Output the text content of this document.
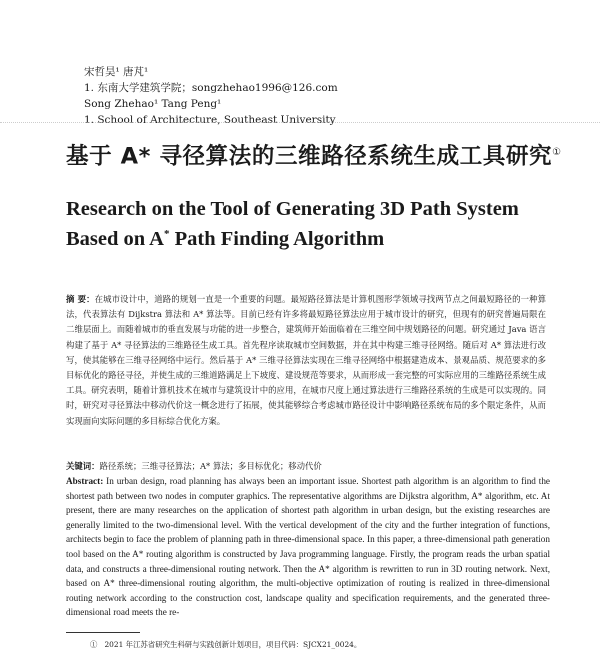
宋哲昊¹ 唐芃¹
1. 东南大学建筑学院；songzhehao1996@126.com
Song Zhehao¹ Tang Peng¹
1. School of Architecture, Southeast University
基于 A* 寻径算法的三维路径系统生成工具研究①
Research on the Tool of Generating 3D Path System
Based on A* Path Finding Algorithm
摘 要：在城市设计中，道路的规划一直是一个重要的问题。最短路径算法是计算机图形学领域寻找两节点之间最短路径的一种算法，代表算法有 Dijkstra 算法和 A* 算法等。目前已经有许多将最短路径算法应用于城市设计的研究，但现有的研究普遍局限在二维层面上。而随着城市的垂直发展与功能的进一步整合，建筑师开始面临着在三维空间中规划路径的问题。研究通过 Java 语言构建了基于 A* 寻径算法的三维路径生成工具。首先程序读取城市空间数据，并在其中构建三维寻径网络。随后对 A* 算法进行改写，使其能够在三维寻径网络中运行。然后基于 A* 三维寻径算法实现在三维寻径网络中根据建造成本、景观品质、规范要求的多目标优化的路径寻径，并使生成的三维道路满足上下坡度、建设规范等要求，从而形成一套完整的可实际应用的三维路径系统生成工具。研究表明，随着计算机技术在城市与建筑设计中的应用，在城市尺度上通过算法进行三维路径系统的生成是可以实现的。同时，研究对寻径算法中移动代价这一概念进行了拓展，使其能够综合考虑城市路径设计中影响路径系统布局的多个限定条件，从而实现面向实际问题的多目标综合优化方案。
关键词：路径系统；三维寻径算法；A* 算法；多目标优化；移动代价
Abstract: In urban design, road planning has always been an important issue. Shortest path algorithm is an algorithm to find the shortest path between two nodes in computer graphics. The representative algorithms are Dijkstra algorithm, A* algorithm, etc. At present, there are many researches on the application of shortest path algorithm in urban design, but the existing researches are generally limited to the two-dimensional level. With the vertical development of the city and the further integration of functions, architects begin to face the problem of planning path in three-dimensional space. In this paper, a three-dimensional path generation tool based on the A* routing algorithm is constructed by Java programming language. Firstly, the program reads the urban spatial data, and constructs a three-dimensional routing network. Then the A* algorithm is rewritten to run in 3D routing network. Next, based on A* three-dimensional routing algorithm, the multi-objective optimization of routing is realized in three-dimensional routing network according to the construction cost, landscape quality and specification requirements, and the generated three-dimensional road meets the re-
① 2021 年江苏省研究生科研与实践创新计划项目，项目代码：SJCX21_0024。
